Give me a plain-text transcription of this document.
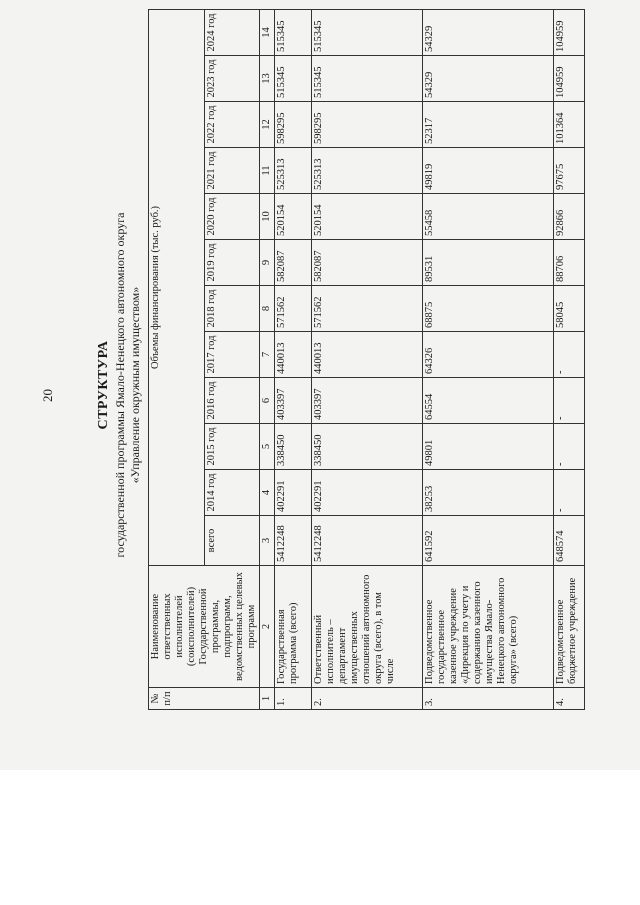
20	СТРУКТУРА государственной программы Ямало-Ненецкого автономного округа «Управление окружным имуществом»
№ п/п	Наименование ответственных исполнителей (соисполнителей) Государственной программы, подпрограмм, ведомственных целевых программ	Объемы финансирования (тыс. руб.)											
		всего	2014 год	2015 год	2016 год	2017 год	2018 год	2019 год	2020 год	2021 год	2022 год	2023 год	2024 год
1	2	3	4	5	6	7	8	9	10	11	12	13	14
1.	Государственная программа (всего)	5412248	402291	338450	403397	440013	571562	582087	520154	525313	598295	515345	515345
2.	Ответственный исполнитель – департамент имущественных отношений автономного округа (всего), в том числе	5412248	402291	338450	403397	440013	571562	582087	520154	525313	598295	515345	515345
3.	Подведомственное государственное казенное учреждение «Дирекция по учету и содержанию казенного имущества Ямало-Ненецкого автономного округа» (всего)	641592	38253	49801	64554	64326	68875	89531	55458	49819	52317	54329	54329
4.	Подведомственное бюджетное учреждение	648574	-	-	-	-	58045	88706	92866	97675	101364	104959	104959
